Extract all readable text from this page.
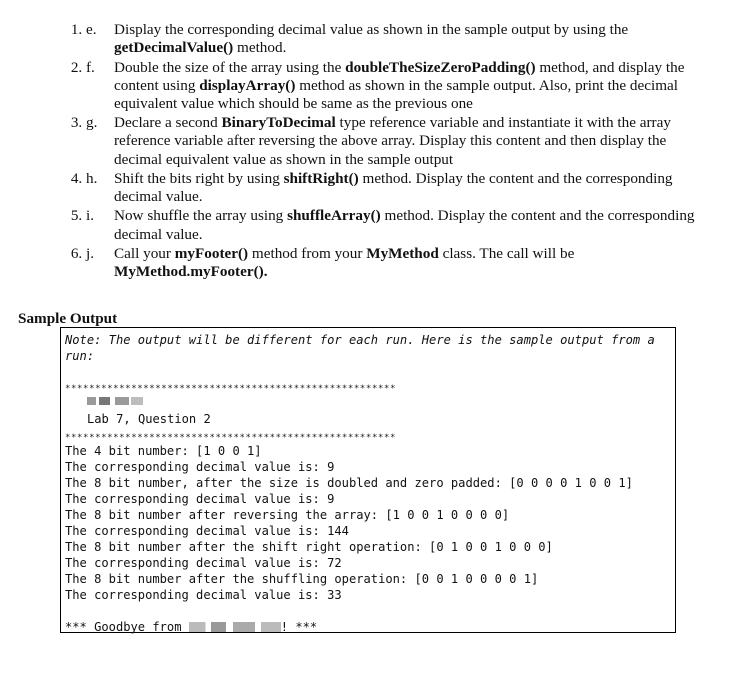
1. e.	Display the corresponding decimal value as shown in the sample output by using the getDecimalValue() method.
2. f.	Double the size of the array using the doubleTheSizeZeroPadding() method, and display the content using displayArray() method as shown in the sample output. Also, print the decimal equivalent value which should be same as the previous one
3. g.	Declare a second BinaryToDecimal type reference variable and instantiate it with the array reference variable after reversing the above array. Display this content and then display the decimal equivalent value as shown in the sample output
4. h.	Shift the bits right by using shiftRight() method. Display the content and the corresponding decimal value.
5. i.	Now shuffle the array using shuffleArray() method. Display the content and the corresponding decimal value.
6. j.	Call your myFooter() method from your MyMethod class. The call will be MyMethod.myFooter().
Sample Output
Note: The output will be different for each run. Here is the sample output from a
run:
*******************************************************
Lab 7, Question 2
*******************************************************
The 4 bit number: [1 0 0 1]
The corresponding decimal value is: 9
The 8 bit number, after the size is doubled and zero padded: [0 0 0 0 1 0 0 1]
The corresponding decimal value is: 9
The 8 bit number after reversing the array: [1 0 0 1 0 0 0 0]
The corresponding decimal value is: 144
The 8 bit number after the shift right operation: [0 1 0 0 1 0 0 0]
The corresponding decimal value is: 72
The 8 bit number after the shuffling operation: [0 0 1 0 0 0 0 1]
The corresponding decimal value is: 33
*** Goodbye from	! ***
